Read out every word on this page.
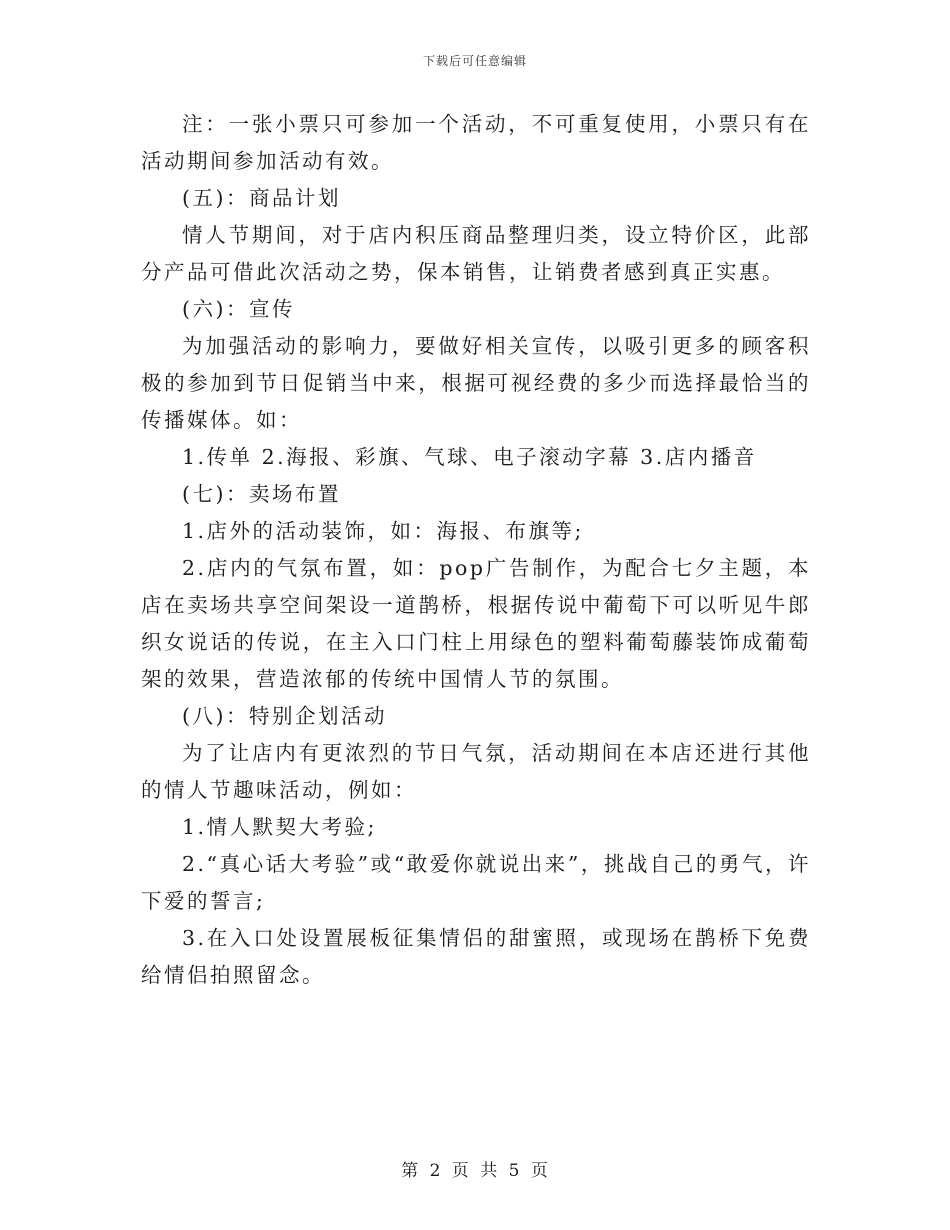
下载后可任意编辑

注：一张小票只可参加一个活动，不可重复使用，小票只有在活动期间参加活动有效。

(五)：商品计划

情人节期间，对于店内积压商品整理归类，设立特价区，此部分产品可借此次活动之势，保本销售，让销费者感到真正实惠。

(六)：宣传

为加强活动的影响力，要做好相关宣传，以吸引更多的顾客积极的参加到节日促销当中来，根据可视经费的多少而选择最恰当的传播媒体。如：

1.传单 2.海报、彩旗、气球、电子滚动字幕 3.店内播音

(七)：卖场布置

1.店外的活动装饰，如：海报、布旗等;

2.店内的气氛布置，如：pop广告制作，为配合七夕主题，本店在卖场共享空间架设一道鹊桥，根据传说中葡萄下可以听见牛郎织女说话的传说，在主入口门柱上用绿色的塑料葡萄藤装饰成葡萄架的效果，营造浓郁的传统中国情人节的氛围。

(八)：特别企划活动

为了让店内有更浓烈的节日气氛，活动期间在本店还进行其他的情人节趣味活动，例如：

1.情人默契大考验;

2.“真心话大考验”或“敢爱你就说出来”，挑战自己的勇气，许下爱的誓言;

3.在入口处设置展板征集情侣的甜蜜照，或现场在鹊桥下免费给情侣拍照留念。

第 2 页 共 5 页
